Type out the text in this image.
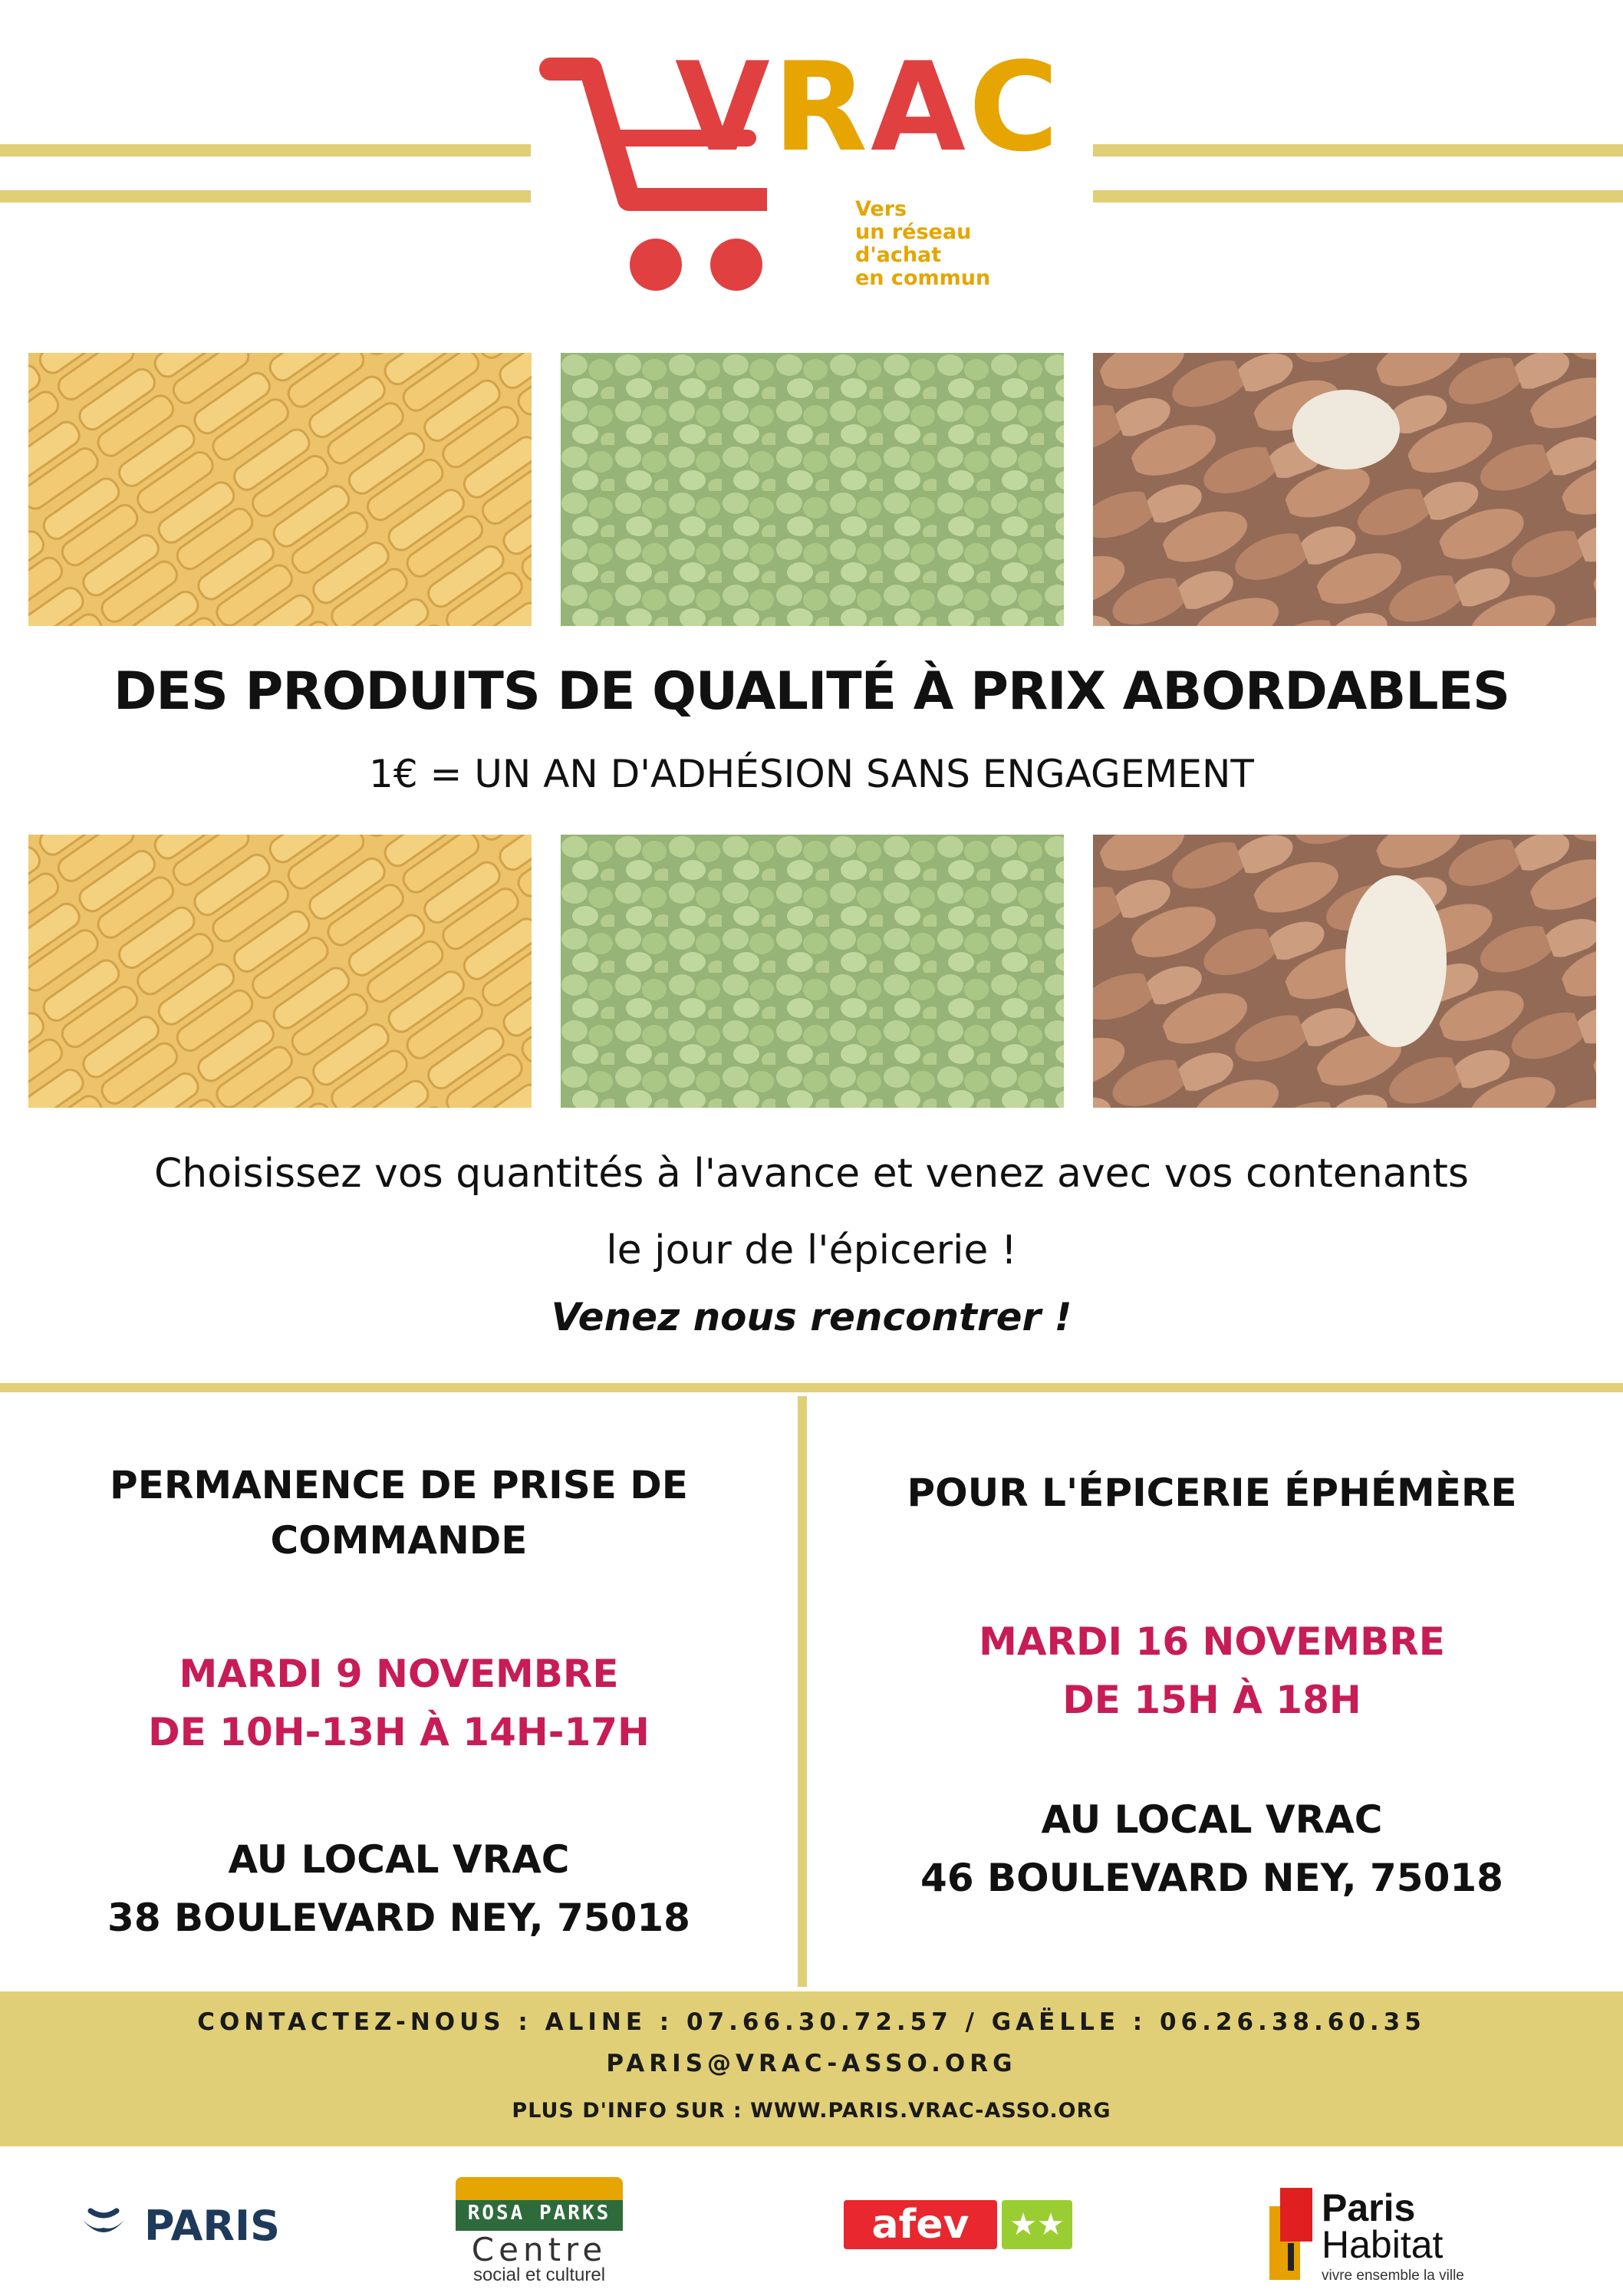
VRAC
Vers
un réseau
d'achat
en commun
DES PRODUITS DE QUALITÉ À PRIX ABORDABLES
1€ = UN AN D'ADHÉSION SANS ENGAGEMENT
Choisissez vos quantités à l'avance et venez avec vos contenants
le jour de l'épicerie !
Venez nous rencontrer !
PERMANENCE DE PRISE DE
COMMANDE
MARDI 9 NOVEMBRE
DE 10H-13H À 14H-17H
AU LOCAL VRAC
38 BOULEVARD NEY, 75018
POUR L'ÉPICERIE ÉPHÉMÈRE
MARDI 16 NOVEMBRE
DE 15H À 18H
AU LOCAL VRAC
46 BOULEVARD NEY, 75018
CONTACTEZ-NOUS : ALINE : 07.66.30.72.57 / GAËLLE : 06.26.38.60.35
PARIS@VRAC-ASSO.ORG
PLUS D'INFO SUR : WWW.PARIS.VRAC-ASSO.ORG
PARIS	ROSA PARKS
Centre
social et culturel
afev	★★	Paris
Habitat
vivre ensemble la ville
